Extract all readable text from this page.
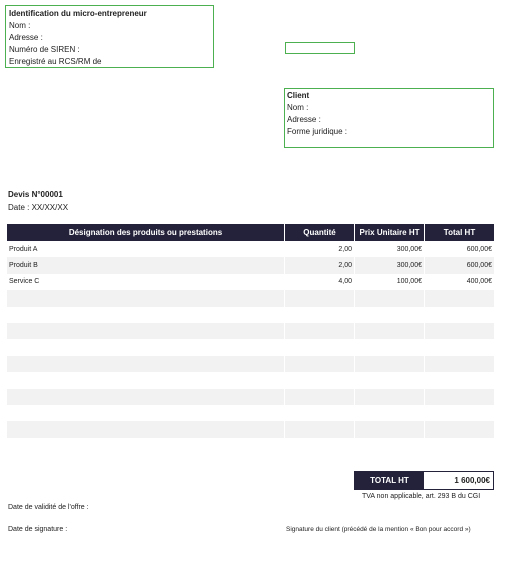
Identification du micro-entrepreneur
Nom :
Adresse :
Numéro de SIREN :
Enregistré au RCS/RM de
Client
Nom :
Adresse :
Forme juridique :
Devis N°00001
Date : XX/XX/XX
Désignation des produits ou prestations	Quantité	Prix Unitaire HT	Total HT
Produit A	2,00	300,00€	600,00€
Produit B	2,00	300,00€	600,00€
Service C	4,00	100,00€	400,00€
TOTAL HT	1 600,00€
TVA non applicable, art. 293 B du CGI
Date de validité de l'offre :
Date de signature :	Signature du client (précédé de la mention « Bon pour accord »)
